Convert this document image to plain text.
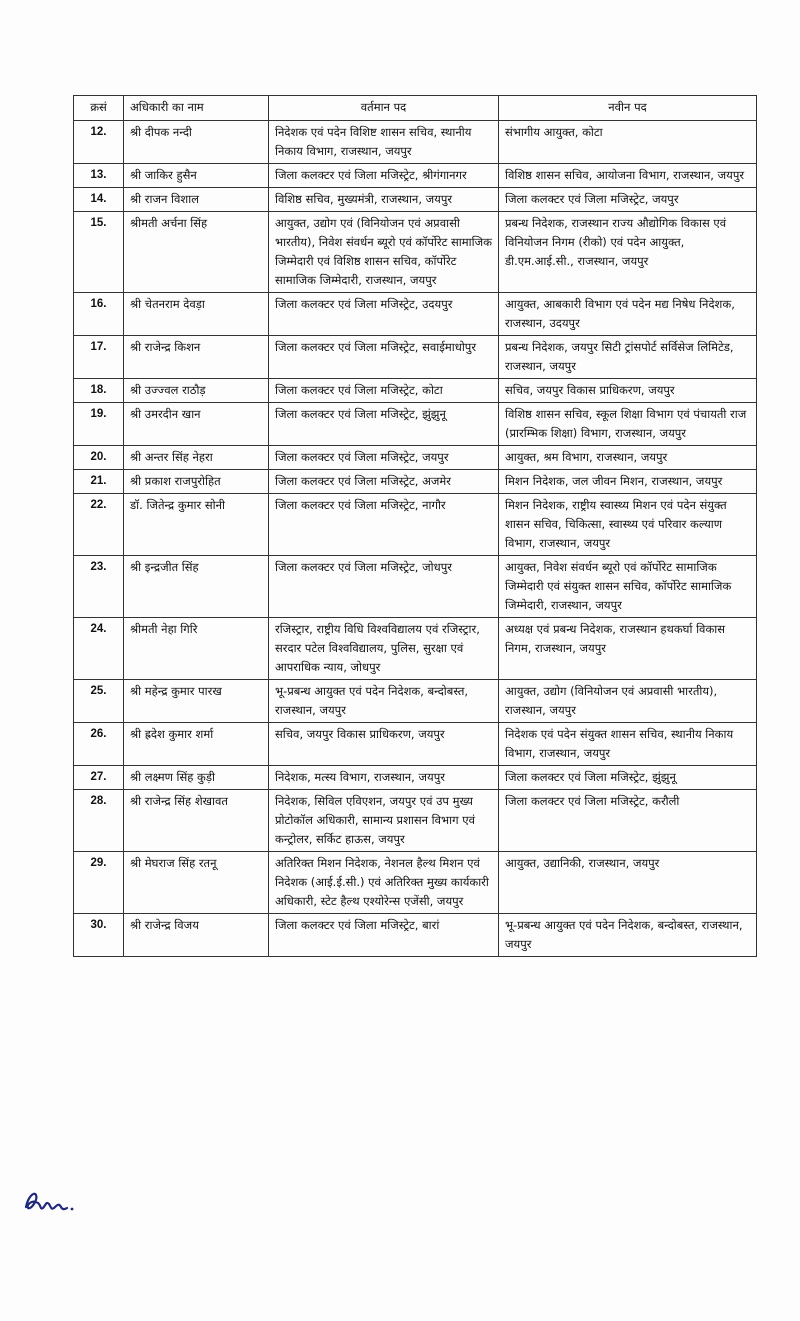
क्रसं	अधिकारी का नाम	वर्तमान पद	नवीन पद
12.	श्री दीपक नन्दी	निदेशक एवं पदेन विशिष्ट शासन सचिव, स्थानीय निकाय विभाग, राजस्थान, जयपुर	संभागीय आयुक्त, कोटा
13.	श्री जाकिर हुसैन	जिला कलक्टर एवं जिला मजिस्ट्रेट, श्रीगंगानगर	विशिष्ठ शासन सचिव, आयोजना विभाग, राजस्थान, जयपुर
14.	श्री राजन विशाल	विशिष्ठ सचिव, मुख्यमंत्री, राजस्थान, जयपुर	जिला कलक्टर एवं जिला मजिस्ट्रेट, जयपुर
15.	श्रीमती अर्चना सिंह	आयुक्त, उद्योग एवं (विनियोजन एवं अप्रवासी भारतीय), निवेश संवर्धन ब्यूरो एवं कॉर्पोरेट सामाजिक जिम्मेदारी एवं विशिष्ठ शासन सचिव, कॉर्पोरेट सामाजिक जिम्मेदारी, राजस्थान, जयपुर	प्रबन्ध निदेशक, राजस्थान राज्य औद्योगिक विकास एवं विनियोजन निगम (रीको) एवं पदेन आयुक्त, डी.एम.आई.सी., राजस्थान, जयपुर
16.	श्री चेतनराम देवड़ा	जिला कलक्टर एवं जिला मजिस्ट्रेट, उदयपुर	आयुक्त, आबकारी विभाग एवं पदेन मद्य निषेध निदेशक, राजस्थान, उदयपुर
17.	श्री राजेन्द्र किशन	जिला कलक्टर एवं जिला मजिस्ट्रेट, सवाईमाधोपुर	प्रबन्ध निदेशक, जयपुर सिटी ट्रांसपोर्ट सर्विसेज लिमिटेड, राजस्थान, जयपुर
18.	श्री उज्ज्वल राठौड़	जिला कलक्टर एवं जिला मजिस्ट्रेट, कोटा	सचिव, जयपुर विकास प्राधिकरण, जयपुर
19.	श्री उमरदीन खान	जिला कलक्टर एवं जिला मजिस्ट्रेट, झुंझुनू	विशिष्ठ शासन सचिव, स्कूल शिक्षा विभाग एवं पंचायती राज (प्रारम्भिक शिक्षा) विभाग, राजस्थान, जयपुर
20.	श्री अन्तर सिंह नेहरा	जिला कलक्टर एवं जिला मजिस्ट्रेट, जयपुर	आयुक्त, श्रम विभाग, राजस्थान, जयपुर
21.	श्री प्रकाश राजपुरोहित	जिला कलक्टर एवं जिला मजिस्ट्रेट, अजमेर	मिशन निदेशक, जल जीवन मिशन, राजस्थान, जयपुर
22.	डॉ. जितेन्द्र कुमार सोनी	जिला कलक्टर एवं जिला मजिस्ट्रेट, नागौर	मिशन निदेशक, राष्ट्रीय स्वास्थ्य मिशन एवं पदेन संयुक्त शासन सचिव, चिकित्सा, स्वास्थ्य एवं परिवार कल्याण विभाग, राजस्थान, जयपुर
23.	श्री इन्द्रजीत सिंह	जिला कलक्टर एवं जिला मजिस्ट्रेट, जोधपुर	आयुक्त, निवेश संवर्धन ब्यूरो एवं कॉर्पोरेट सामाजिक जिम्मेदारी एवं संयुक्त शासन सचिव, कॉर्पोरेट सामाजिक जिम्मेदारी, राजस्थान, जयपुर
24.	श्रीमती नेहा गिरि	रजिस्ट्रार, राष्ट्रीय विधि विश्वविद्यालय एवं रजिस्ट्रार, सरदार पटेल विश्वविद्यालय, पुलिस, सुरक्षा एवं आपराधिक न्याय, जोधपुर	अध्यक्ष एवं प्रबन्ध निदेशक, राजस्थान हथकर्घा विकास निगम, राजस्थान, जयपुर
25.	श्री महेन्द्र कुमार पारख	भू-प्रबन्ध आयुक्त एवं पदेन निदेशक, बन्दोबस्त, राजस्थान, जयपुर	आयुक्त, उद्योग (विनियोजन एवं अप्रवासी भारतीय), राजस्थान, जयपुर
26.	श्री ह्रदेश कुमार शर्मा	सचिव, जयपुर विकास प्राधिकरण, जयपुर	निदेशक एवं पदेन संयुक्त शासन सचिव, स्थानीय निकाय विभाग, राजस्थान, जयपुर
27.	श्री लक्ष्मण सिंह कुड़ी	निदेशक, मत्स्य विभाग, राजस्थान, जयपुर	जिला कलक्टर एवं जिला मजिस्ट्रेट, झुंझुनू
28.	श्री राजेन्द्र सिंह शेखावत	निदेशक, सिविल एविएशन, जयपुर एवं उप मुख्य प्रोटोकॉल अधिकारी, सामान्य प्रशासन विभाग एवं कन्ट्रोलर, सर्किट हाऊस, जयपुर	जिला कलक्टर एवं जिला मजिस्ट्रेट, करौली
29.	श्री मेघराज सिंह रतनू	अतिरिक्त मिशन निदेशक, नेशनल हैल्थ मिशन एवं निदेशक (आई.ई.सी.) एवं अतिरिक्त मुख्य कार्यकारी अधिकारी, स्टेट हैल्थ एश्योरेन्स एजेंसी, जयपुर	आयुक्त, उद्यानिकी, राजस्थान, जयपुर
30.	श्री राजेन्द्र विजय	जिला कलक्टर एवं जिला मजिस्ट्रेट, बारां	भू-प्रबन्ध आयुक्त एवं पदेन निदेशक, बन्दोबस्त, राजस्थान, जयपुर
